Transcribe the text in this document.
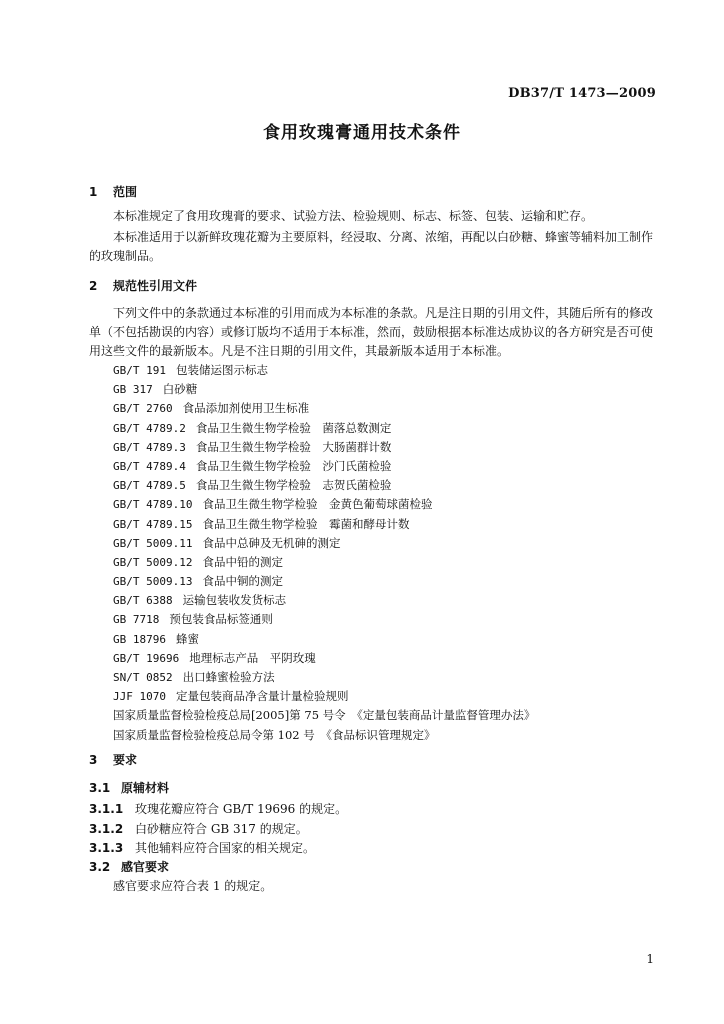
DB37/T 1473—2009
食用玫瑰膏通用技术条件
1 范围
本标准规定了食用玫瑰膏的要求、试验方法、检验规则、标志、标签、包装、运输和贮存。
本标准适用于以新鲜玫瑰花瓣为主要原料，经浸取、分离、浓缩，再配以白砂糖、蜂蜜等辅料加工制作的玫瑰制品。
2 规范性引用文件
下列文件中的条款通过本标准的引用而成为本标准的条款。凡是注日期的引用文件，其随后所有的修改单（不包括勘误的内容）或修订版均不适用于本标准，然而，鼓励根据本标准达成协议的各方研究是否可使用这些文件的最新版本。凡是不注日期的引用文件，其最新版本适用于本标准。
GB/T 191 包装储运图示标志
GB 317 白砂糖
GB/T 2760 食品添加剂使用卫生标准
GB/T 4789.2 食品卫生微生物学检验　菌落总数测定
GB/T 4789.3 食品卫生微生物学检验　大肠菌群计数
GB/T 4789.4 食品卫生微生物学检验　沙门氏菌检验
GB/T 4789.5 食品卫生微生物学检验　志贺氏菌检验
GB/T 4789.10 食品卫生微生物学检验　金黄色葡萄球菌检验
GB/T 4789.15 食品卫生微生物学检验　霉菌和酵母计数
GB/T 5009.11 食品中总砷及无机砷的测定
GB/T 5009.12 食品中铅的测定
GB/T 5009.13 食品中铜的测定
GB/T 6388 运输包装收发货标志
GB 7718 预包装食品标签通则
GB 18796 蜂蜜
GB/T 19696 地理标志产品　平阴玫瑰
SN/T 0852 出口蜂蜜检验方法
JJF 1070 定量包装商品净含量计量检验规则
国家质量监督检验检疫总局[2005]第 75 号令　《定量包装商品计量监督管理办法》
国家质量监督检验检疫总局令第 102 号　《食品标识管理规定》
3 要求
3.1 原辅材料
3.1.1 玫瑰花瓣应符合 GB/T 19696 的规定。
3.1.2 白砂糖应符合 GB 317 的规定。
3.1.3 其他辅料应符合国家的相关规定。
3.2 感官要求
感官要求应符合表 1 的规定。
1
